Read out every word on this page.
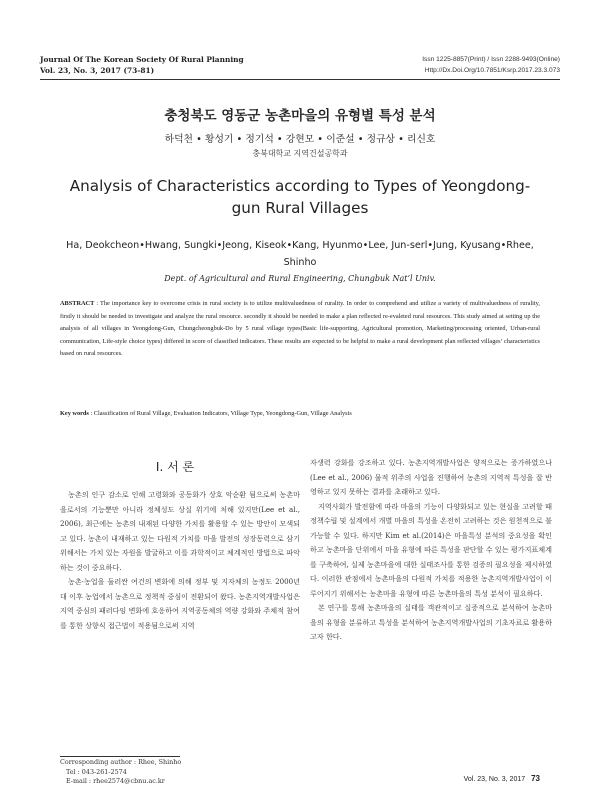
Journal Of The Korean Society Of Rural Planning
Vol. 23, No. 3, 2017 (73-81)
Issn 1225-8857(Print) / Issn 2288-9493(Online)
Http://Dx.Doi.Org/10.7851/Ksrp.2017.23.3.073
충청북도 영동군 농촌마을의 유형별 특성 분석
하덕천 • 황성기 • 정기석 • 강현모 • 이준설 • 정규상 • 리신호
충북대학교 지역건설공학과
Analysis of Characteristics according to Types of Yeongdong-gun Rural Villages
Ha, Deokcheon•Hwang, Sungki•Jeong, Kiseok•Kang, Hyunmo•Lee, Jun-serl•Jung, Kyusang•Rhee, Shinho
Dept. of Agricultural and Rural Engineering, Chungbuk Nat’l Univ.
ABSTRACT : The importance key to overcome crisis in rural society is to utilize multivaluedness of rurality. In order to comprehend and utilize a variety of multivaluedness of rurality, firstly it should be needed to investigate and analyze the rural resource. secondly it should be needed to make a plan reflected re-evaleted rural resources. This study aimed at setting up the analysis of all villages in Yeongdong-Gun, Chungcheongbuk-Do by 5 rural village types(Basic life-supporting, Agricultural promotion, Marketing/processing oriented, Urban-rural communication, Life-style choice types) differed in score of classified indicators. These results are expected to be helpful to make a rural development plan reflected villages’ characteristics based on rural resources.
Key words : Classification of Rural Village, Evaluation Indicators, Village Type, Yeongdong-Gun, Village Analysis
I. 서 론

농촌의 인구 감소로 인해 고령화와 공동화가 상호 악순환 됨으로써 농촌마을로서의 기능뿐만 아니라 정체성도 상실 위기에 처해 있지만(Lee et al., 2006), 최근에는 농촌의 내재된 다양한 가치를 활용할 수 있는 방안이 모색되고 있다. 농촌이 내재하고 있는 다원적 가치를 마을 발전의 성장동력으로 삼기 위해서는 가치 있는 자원을 발굴하고 이를 과학적이고 체계적인 방법으로 파악하는 것이 중요하다.

농촌·농업을 둘러싼 여건의 변화에 의해 정부 및 지자체의 농정도 2000년대 이후 농업에서 농촌으로 정책적 중심이 전환되어 왔다. 농촌지역개발사업은 지역 중심의 패러다임 변화에 호응하여 지역공동체의 역량 강화와 주체적 참여를 통한 상향식 접근법이 적용됨으로써 지역

자생력 강화를 강조하고 있다. 농촌지역개발사업은 양적으로는 증가하였으나(Lee et al., 2006) 물적 위주의 사업을 진행하여 농촌의 지역적 특성을 잘 반영하고 있지 못하는 결과를 초래하고 있다.

지역사회가 발전함에 따라 마을의 기능이 다양화되고 있는 현실을 고려할 때 정책수립 및 설계에서 개별 마을의 특성을 온전히 고려하는 것은 원천적으로 불가능할 수 있다. 하지만 Kim et al.(2014)은 마을특성 분석의 중요성을 확인하고 농촌마을 단위에서 마을 유형에 따른 특성을 판단할 수 있는 평가지표체계를 구축하여, 실제 농촌마을에 대한 실태조사를 통한 검증의 필요성을 제시하였다. 이러한 관점에서 농촌마을의 다원적 가치를 적용한 농촌지역개발사업이 이루어지기 위해서는 농촌마을 유형에 따른 농촌마을의 특성 분석이 필요하다.

본 연구를 통해 농촌마을의 실태를 객관적이고 실증적으로 분석하여 농촌마을의 유형을 분류하고 특성을 분석하여 농촌지역개발사업의 기초자료로 활용하고자 한다.

Corresponding author : Rhee, Shinho
Tel : 043-261-2574
E-mail : rhee2574@cbnu.ac.kr	Vol. 23, No. 3, 2017 73
